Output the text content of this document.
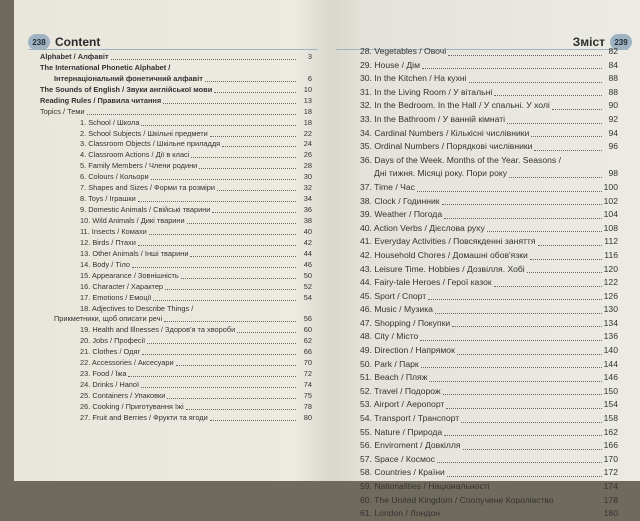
238 Content
Alphabet / Алфавіт	3
The International Phonetic Alphabet /
Інтернаціональний фонетичний алфавіт	6
The Sounds of English / Звуки англійської мови	10
Reading Rules / Правила читання	13
Topics / Теми	18
1. School / Школа	18
2. School Subjects / Шкільні предмети	22
3. Classroom Objects / Шкільне приладдя	24
4. Classroom Actions / Дії в класі	26
5. Family Members / Члени родини	28
6. Colours / Кольори	30
7. Shapes and Sizes / Форми та розміри	32
8. Toys / Іграшки	34
9. Domestic Animals / Свійські тварини	36
10. Wild Animals / Дикі тварини	38
11. Insects / Комахи	40
12. Birds / Птахи	42
13. Other Animals / Інші тварини	44
14. Body / Тіло	46
15. Appearance / Зовнішність	50
16. Character / Характер	52
17. Emotions / Емоції	54
18. Adjectives to Describe Things /
Прикметники, щоб описати речі	56
19. Health and Illnesses / Здоров'я та хвороби	60
20. Jobs / Професії	62
21. Clothes / Одяг	66
22. Accessories / Аксесуари	70
23. Food / Їжа	72
24. Drinks / Напої	74
25. Containers / Упаковки	75
26. Cooking / Приготування їжі	78
27. Fruit and Berries / Фрукти та ягоди	80
Зміст	239
28. Vegetables / Овочі	82
29. House / Дім	84
30. In the Kitchen / На кухні	88
31. In the Living Room / У вітальні	88
32. In the Bedroom. In the Hall / У спальні. У холі	90
33. In the Bathroom / У ванній кімнаті	92
34. Cardinal Numbers / Кількісні числівники	94
35. Ordinal Numbers / Порядкові числівники	96
36. Days of the Week. Months of the Year. Seasons /
Дні тижня. Місяці року. Пори року	98
37. Time / Час	100
38. Clock / Годинник	102
39. Weather / Погода	104
40. Action Verbs / Дієслова руху	108
41. Everyday Activities / Повсякденні заняття	112
42. Household Chores / Домашні обов'язки	116
43. Leisure Time. Hobbies / Дозвілля. Хобі	120
44. Fairy-tale Heroes / Герої казок	122
45. Sport / Спорт	126
46. Music / Музика	130
47. Shopping / Покупки	134
48. City / Місто	136
49. Direction / Напрямок	140
50. Park / Парк	144
51. Beach / Пляж	146
52. Travel / Подорож	150
53. Airport / Аеропорт	154
54. Transport / Транспорт	158
55. Nature / Природа	162
56. Enviroment / Довкілля	166
57. Space / Космос	170
58. Countries / Країни	172
59. Nationalities / Національності	174
60. The United Kingdom / Сполучене Королівство	178
61. London / Лондон	180
